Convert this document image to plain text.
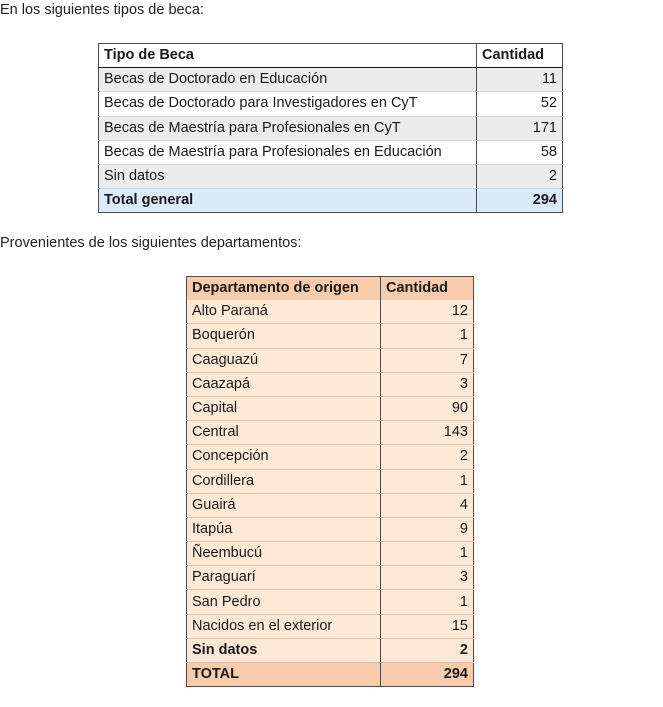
En los siguientes tipos de beca:
Tipo de Beca	Cantidad
Becas de Doctorado en Educación	11
Becas de Doctorado para Investigadores en CyT	52
Becas de Maestría para Profesionales en CyT	171
Becas de Maestría para Profesionales en Educación	58
Sin datos	2
Total general	294
Provenientes de los siguientes departamentos:
Departamento de origen	Cantidad
Alto Paraná	12
Boquerón	1
Caaguazú	7
Caazapá	3
Capital	90
Central	143
Concepción	2
Cordillera	1
Guairá	4
Itapúa	9
Ñeembucú	1
Paraguarí	3
San Pedro	1
Nacidos en el exterior	15
Sin datos	2
TOTAL	294
